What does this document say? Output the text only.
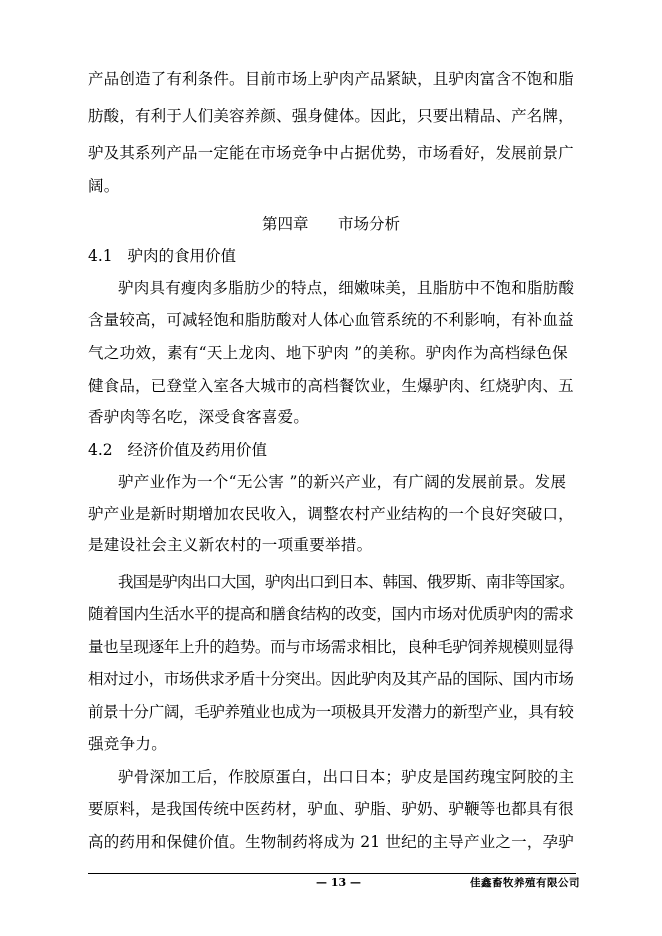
产品创造了有利条件。目前市场上驴肉产品紧缺，且驴肉富含不饱和脂
肪酸，有利于人们美容养颜、强身健体。因此，只要出精品、产名牌，
驴及其系列产品一定能在市场竞争中占据优势，市场看好，发展前景广
阔。
第四章 市场分析
4.1 驴肉的食用价值
驴肉具有瘦肉多脂肪少的特点，细嫩味美，且脂肪中不饱和脂肪酸
含量较高，可减轻饱和脂肪酸对人体心血管系统的不利影响，有补血益
气之功效，素有“天上龙肉、地下驴肉 ”的美称。驴肉作为高档绿色保
健食品，已登堂入室各大城市的高档餐饮业，生爆驴肉、红烧驴肉、五
香驴肉等名吃，深受食客喜爱。
4.2 经济价值及药用价值
驴产业作为一个“无公害 ”的新兴产业，有广阔的发展前景。发展
驴产业是新时期增加农民收入，调整农村产业结构的一个良好突破口，
是建设社会主义新农村的一项重要举措。
我国是驴肉出口大国，驴肉出口到日本、韩国、俄罗斯、南非等国家。
随着国内生活水平的提高和膳食结构的改变，国内市场对优质驴肉的需求
量也呈现逐年上升的趋势。而与市场需求相比，良种毛驴饲养规模则显得
相对过小，市场供求矛盾十分突出。因此驴肉及其产品的国际、国内市场
前景十分广阔，毛驴养殖业也成为一项极具开发潜力的新型产业，具有较
强竞争力。
驴骨深加工后，作胶原蛋白，出口日本；驴皮是国药瑰宝阿胶的主
要原料，是我国传统中医药材，驴血、驴脂、驴奶、驴鞭等也都具有很
高的药用和保健价值。生物制药将成为 21 世纪的主导产业之一，孕驴
— 13 —	佳鑫畜牧养殖有限公司
